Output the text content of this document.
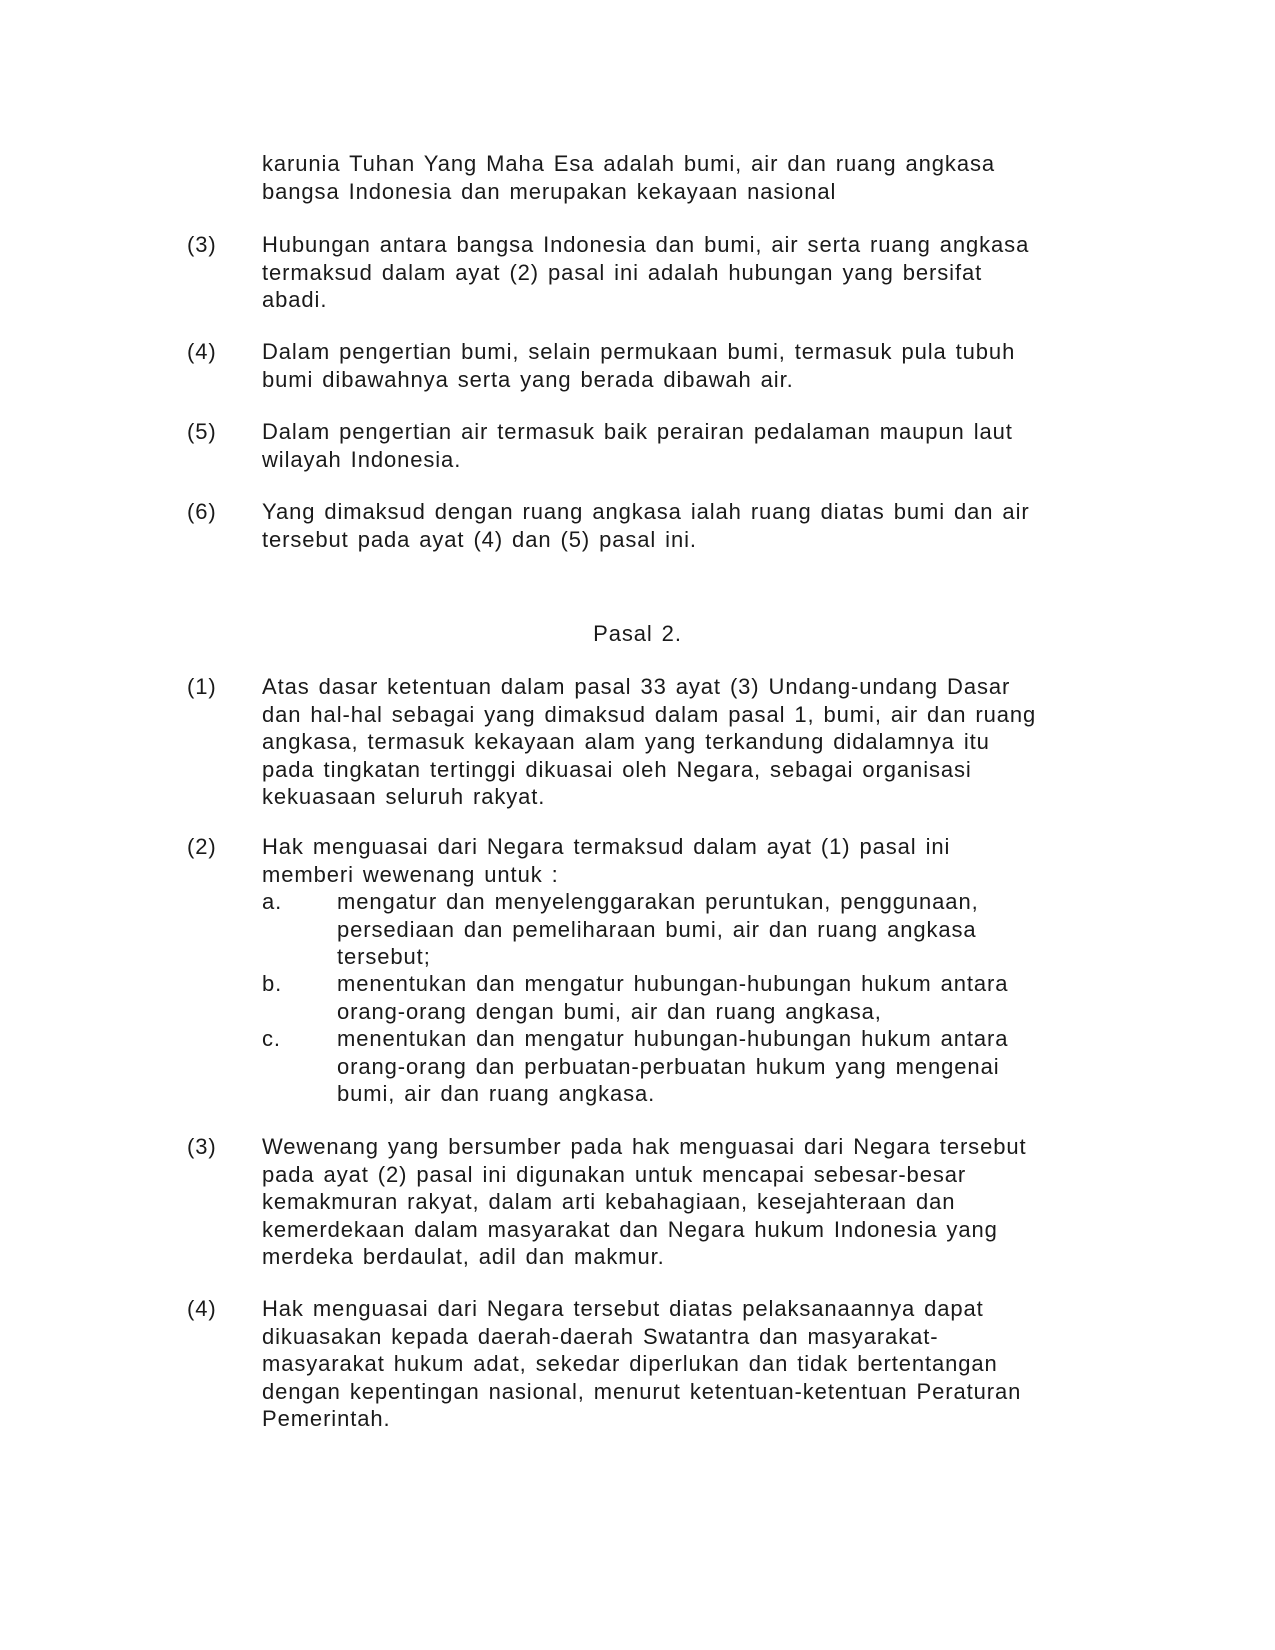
karunia Tuhan Yang Maha Esa adalah bumi, air dan ruang angkasa

bangsa Indonesia dan merupakan kekayaan nasional

(3) Hubungan antara bangsa Indonesia dan bumi, air serta ruang angkasa

termaksud dalam ayat (2) pasal ini adalah hubungan yang bersifat

abadi.

(4) Dalam pengertian bumi, selain permukaan bumi, termasuk pula tubuh

bumi dibawahnya serta yang berada dibawah air.

(5) Dalam pengertian air termasuk baik perairan pedalaman maupun laut

wilayah Indonesia.

(6) Yang dimaksud dengan ruang angkasa ialah ruang diatas bumi dan air

tersebut pada ayat (4) dan (5) pasal ini.

Pasal 2.
(1) Atas dasar ketentuan dalam pasal 33 ayat (3) Undang-undang Dasar

dan hal-hal sebagai yang dimaksud dalam pasal 1, bumi, air dan ruang

angkasa, termasuk kekayaan alam yang terkandung didalamnya itu

pada tingkatan tertinggi dikuasai oleh Negara, sebagai organisasi

kekuasaan seluruh rakyat.

(2) Hak menguasai dari Negara termaksud dalam ayat (1) pasal ini

memberi wewenang untuk :

a. mengatur dan menyelenggarakan peruntukan, penggunaan,

persediaan dan pemeliharaan bumi, air dan ruang angkasa

tersebut;

b. menentukan dan mengatur hubungan-hubungan hukum antara

orang-orang dengan bumi, air dan ruang angkasa,

c.	menentukan dan mengatur hubungan-hubungan hukum antara

orang-orang dan perbuatan-perbuatan hukum yang mengenai

bumi, air dan ruang angkasa.

(3) Wewenang yang bersumber pada hak menguasai dari Negara tersebut

pada ayat (2) pasal ini digunakan untuk mencapai sebesar-besar

kemakmuran rakyat, dalam arti kebahagiaan, kesejahteraan dan

kemerdekaan dalam masyarakat dan Negara hukum Indonesia yang

merdeka berdaulat, adil dan makmur.

(4) Hak menguasai dari Negara tersebut diatas pelaksanaannya dapat

dikuasakan kepada daerah-daerah Swatantra dan masyarakat-

masyarakat hukum adat, sekedar diperlukan dan tidak bertentangan

dengan kepentingan nasional, menurut ketentuan-ketentuan Peraturan

Pemerintah.
